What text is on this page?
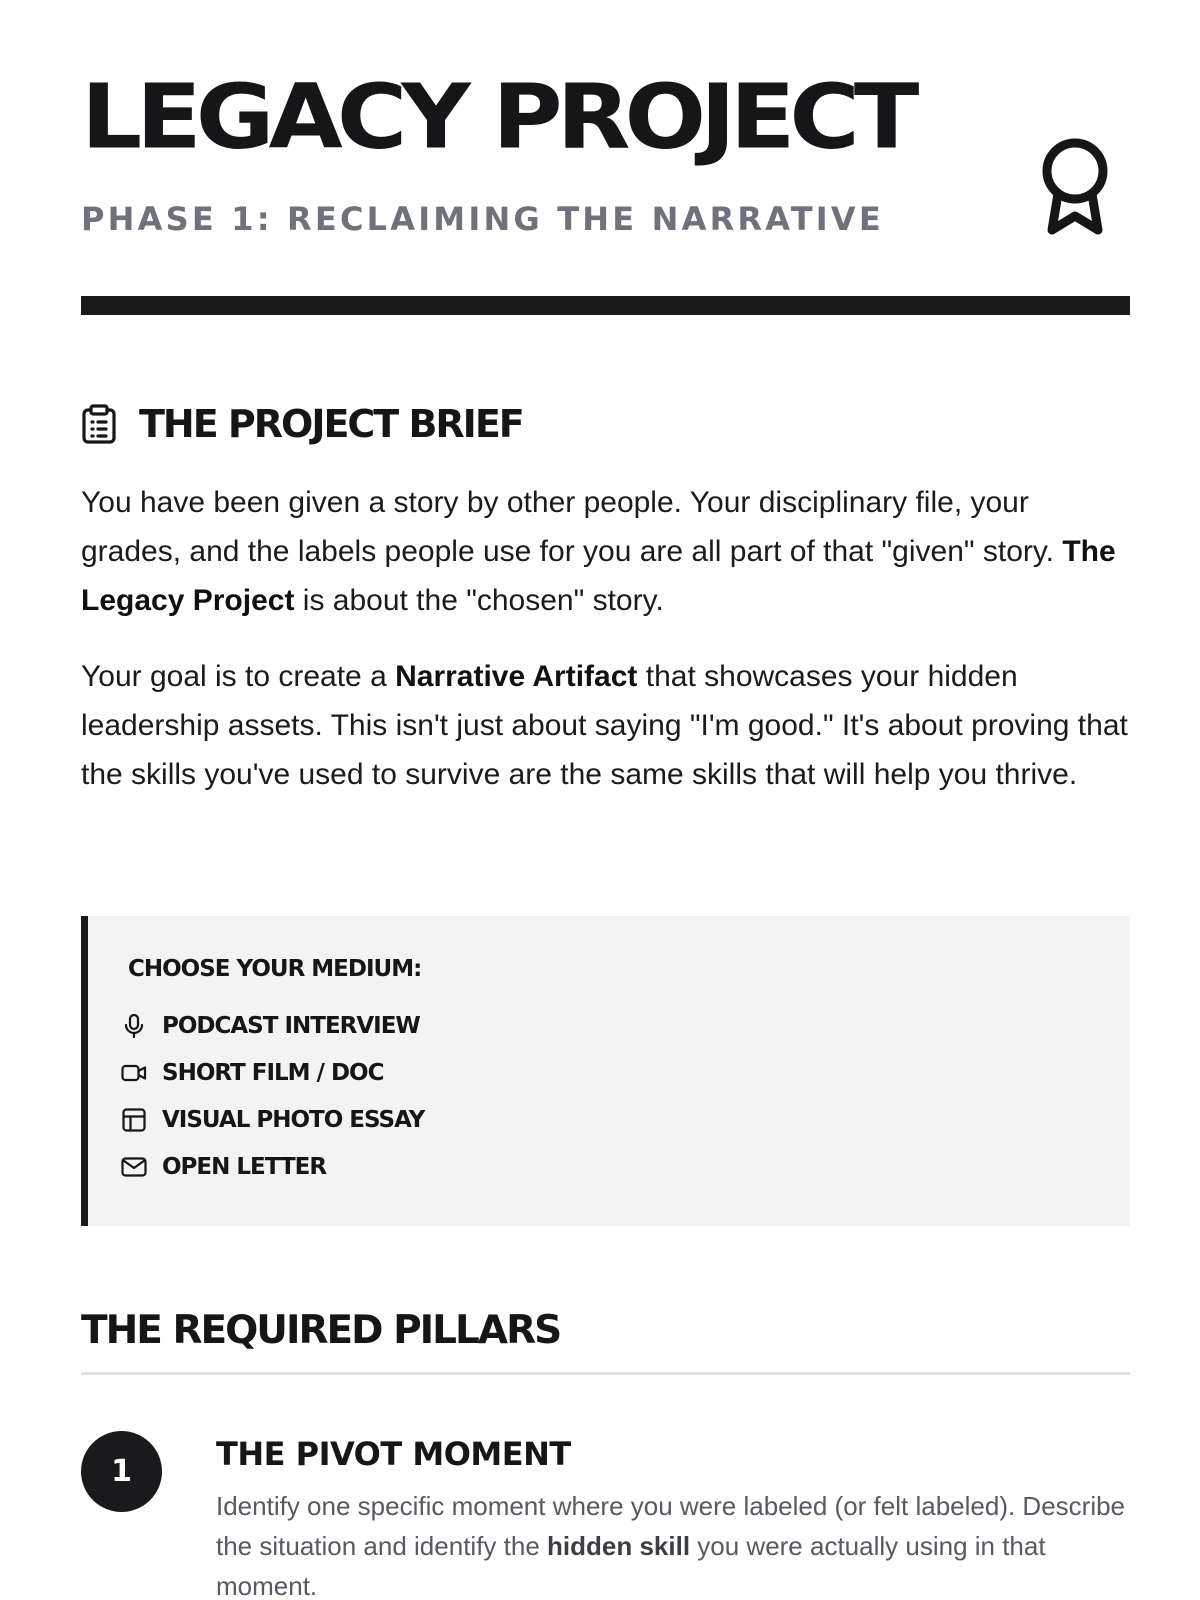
LEGACY PROJECT
PHASE 1: RECLAIMING THE NARRATIVE
THE PROJECT BRIEF

You have been given a story by other people. Your disciplinary file, your grades, and the labels people use for you are all part of that "given" story. The Legacy Project is about the "chosen" story.

Your goal is to create a Narrative Artifact that showcases your hidden leadership assets. This isn't just about saying "I'm good." It's about proving that the skills you've used to survive are the same skills that will help you thrive.

CHOOSE YOUR MEDIUM:
PODCAST INTERVIEW
SHORT FILM / DOC
VISUAL PHOTO ESSAY
OPEN LETTER
THE REQUIRED PILLARS
1	THE PIVOT MOMENT

Identify one specific moment where you were labeled (or felt labeled). Describe the situation and identify the hidden skill you were actually using in that moment.
